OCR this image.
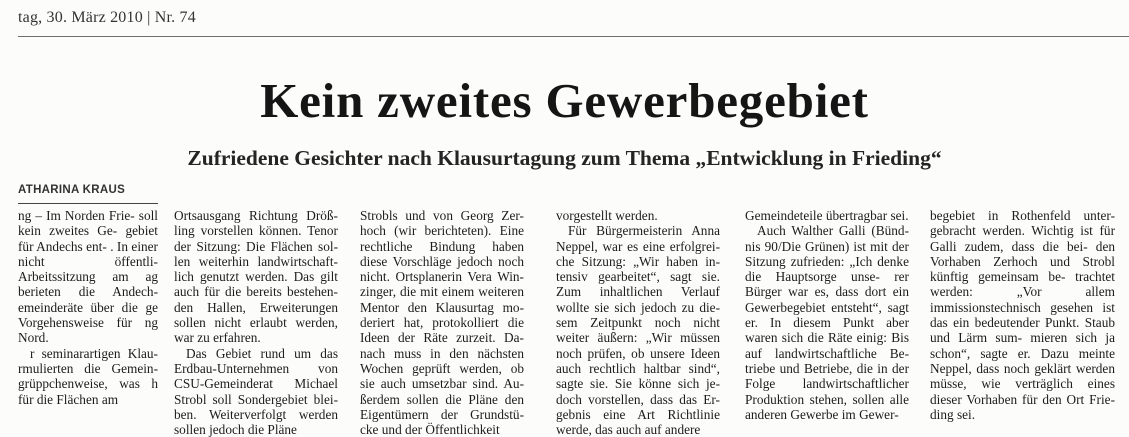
tag, 30. März 2010 | Nr. 74
Kein zweites Gewerbegebiet
Zufriedene Gesichter nach Klausurtagung zum Thema „Entwicklung in Frieding“
ATHARINA KRAUS

ng – Im Norden Frie- soll kein zweites Ge- gebiet für Andechs ent- . In einer nicht öffentli- Arbeitssitzung am ag berieten die Andech- emeinderäte über die ge Vorgehensweise für ng Nord.

r seminarartigen Klau- rmulierten die Gemein- grüppchenweise, was h für die Flächen am

Ortsausgang Richtung Dröß- ling vorstellen können. Tenor der Sitzung: Die Flächen sol- len weiterhin landwirtschaft- lich genutzt werden. Das gilt auch für die bereits bestehen- den Hallen, Erweiterungen sollen nicht erlaubt werden, war zu erfahren.

Das Gebiet rund um das Erdbau-Unternehmen von CSU-Gemeinderat Michael Strobl soll Sondergebiet blei- ben. Weiterverfolgt werden sollen jedoch die Pläne

Strobls und von Georg Zer- hoch (wir berichteten). Eine rechtliche Bindung haben diese Vorschläge jedoch noch nicht. Ortsplanerin Vera Win- zinger, die mit einem weiteren Mentor den Klausurtag mo- deriert hat, protokolliert die Ideen der Räte zurzeit. Da- nach muss in den nächsten Wochen geprüft werden, ob sie auch umsetzbar sind. Au- ßerdem sollen die Pläne den Eigentümern der Grundstü- cke und der Öffentlichkeit

vorgestellt werden.

Für Bürgermeisterin Anna Neppel, war es eine erfolgrei- che Sitzung: „Wir haben in- tensiv gearbeitet“, sagt sie. Zum inhaltlichen Verlauf wollte sie sich jedoch zu die- sem Zeitpunkt noch nicht weiter äußern: „Wir müssen noch prüfen, ob unsere Ideen auch rechtlich haltbar sind“, sagte sie. Sie könne sich je- doch vorstellen, dass das Er- gebnis eine Art Richtlinie werde, das auch auf andere

Gemeindeteile übertragbar sei.

Auch Walther Galli (Bünd- nis 90/Die Grünen) ist mit der Sitzung zufrieden: „Ich denke die Hauptsorge unse- rer Bürger war es, dass dort ein Gewerbegebiet entsteht“, sagt er. In diesem Punkt aber waren sich die Räte einig: Bis auf landwirtschaftliche Be- triebe und Betriebe, die in der Folge landwirtschaftlicher Produktion stehen, sollen alle anderen Gewerbe im Gewer-

begebiet in Rothenfeld unter- gebracht werden. Wichtig ist für Galli zudem, dass die bei- den Vorhaben Zerhoch und Strobl künftig gemeinsam be- trachtet werden: „Vor allem immissionstechnisch gesehen ist das ein bedeutender Punkt. Staub und Lärm sum- mieren sich ja schon“, sagte er. Dazu meinte Neppel, dass noch geklärt werden müsse, wie verträglich eines dieser Vorhaben für den Ort Frie- ding sei.
